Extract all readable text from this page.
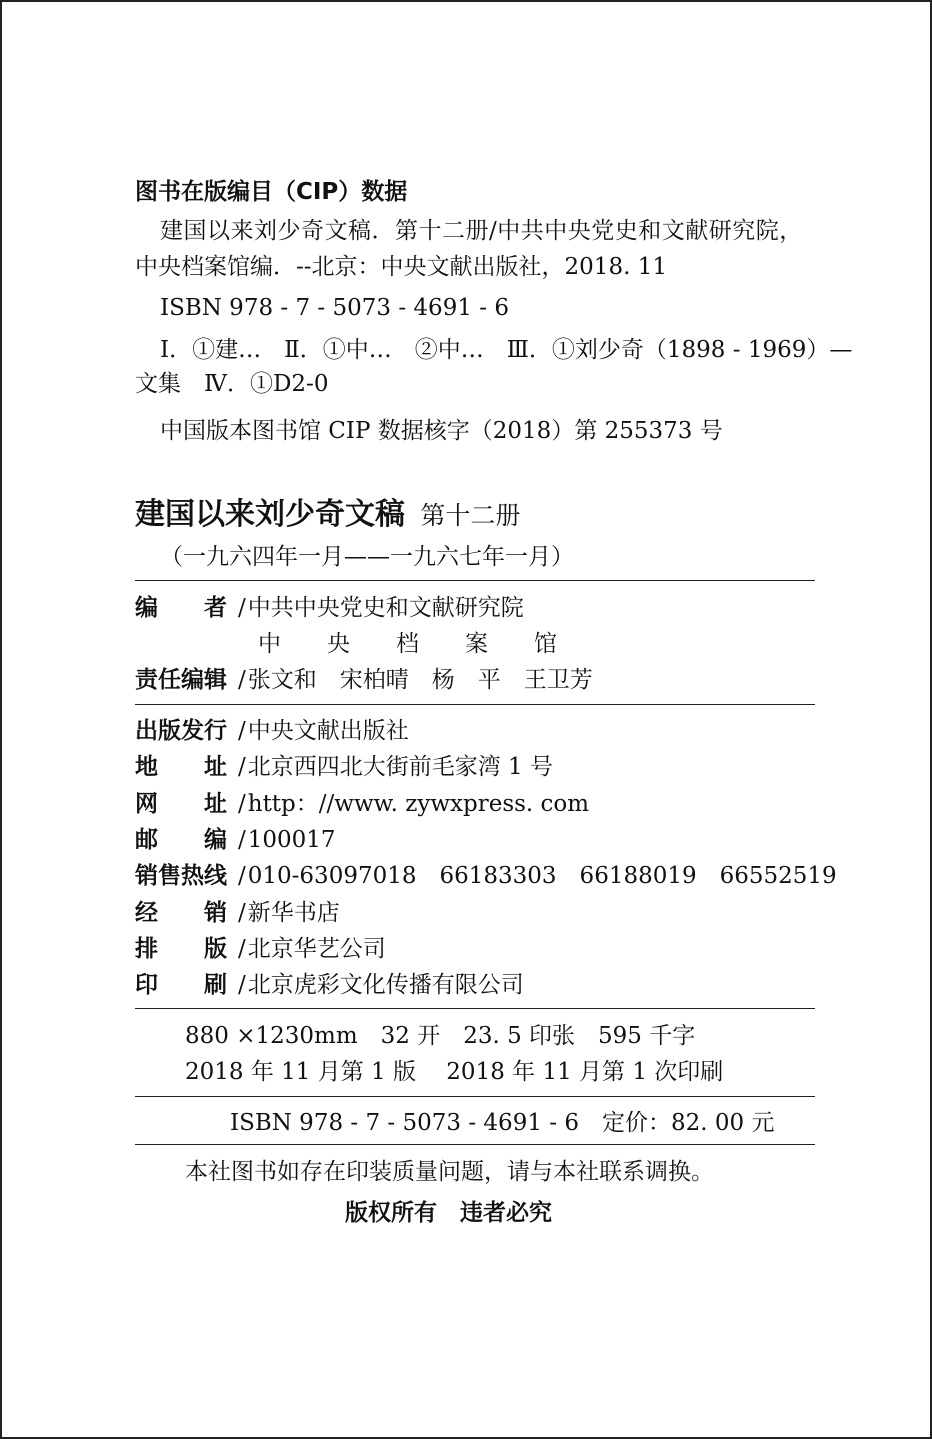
图书在版编目（CIP）数据
建国以来刘少奇文稿．第十二册/中共中央党史和文献研究院，
中央档案馆编．--北京：中央文献出版社，2018. 11
ISBN 978 - 7 - 5073 - 4691 - 6
Ⅰ．①建…　Ⅱ．①中…　②中…　Ⅲ．①刘少奇（1898 - 1969）—
文集　Ⅳ．①D2-0
中国版本图书馆 CIP 数据核字（2018）第 255373 号
建国以来刘少奇文稿 第十二册
（一九六四年一月——一九六七年一月）
编　　者 /中共中央党史和文献研究院
中　　央　　档　　案　　馆
责任编辑 /张文和　宋柏晴　杨　平　王卫芳
出版发行 /中央文献出版社
地　　址 /北京西四北大街前毛家湾 1 号
网　　址 /http：//www. zywxpress. com
邮　　编 /100017
销售热线 /010-63097018　66183303　66188019　66552519
经　　销 /新华书店
排　　版 /北京华艺公司
印　　刷 /北京虎彩文化传播有限公司
880 ×1230mm　32 开　23. 5 印张　595 千字
2018 年 11 月第 1 版　 2018 年 11 月第 1 次印刷
ISBN 978 - 7 - 5073 - 4691 - 6 定价：82. 00 元
本社图书如存在印装质量问题，请与本社联系调换。
版权所有　违者必究
